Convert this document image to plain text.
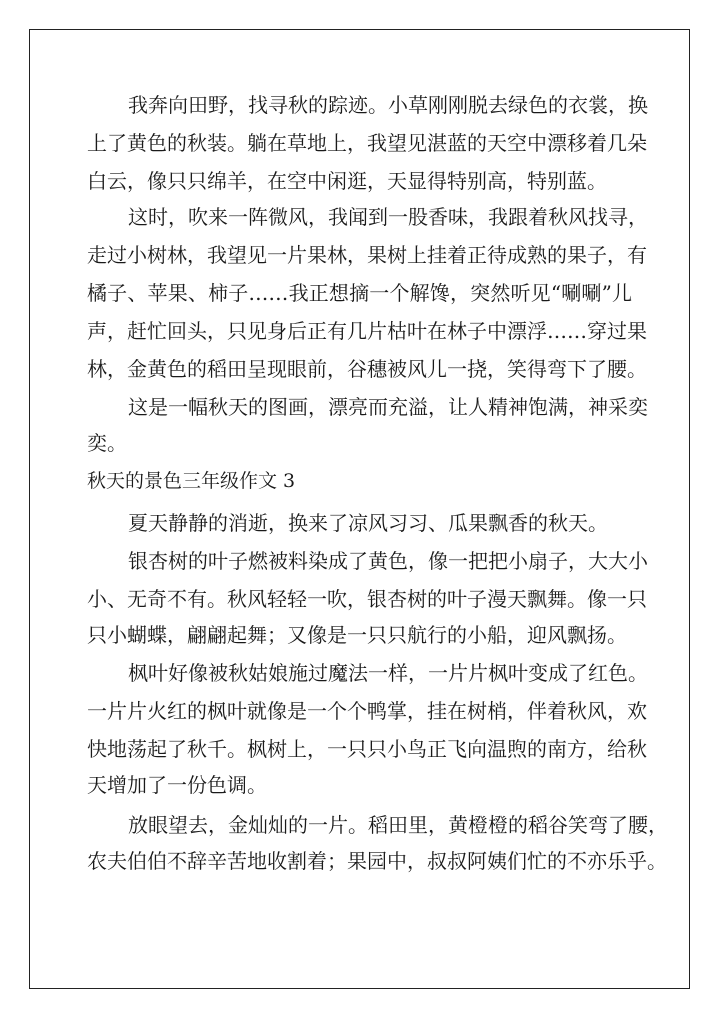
我奔向田野，找寻秋的踪迹。小草刚刚脱去绿色的衣裳，换
上了黄色的秋装。躺在草地上，我望见湛蓝的天空中漂移着几朵
白云，像只只绵羊，在空中闲逛，天显得特别高，特别蓝。
这时，吹来一阵微风，我闻到一股香味，我跟着秋风找寻，
走过小树林，我望见一片果林，果树上挂着正待成熟的果子，有
橘子、苹果、柿子……我正想摘一个解馋，突然听见“唰唰”儿
声，赶忙回头，只见身后正有几片枯叶在林子中漂浮……穿过果
林，金黄色的稻田呈现眼前，谷穗被风儿一挠，笑得弯下了腰。
这是一幅秋天的图画，漂亮而充溢，让人精神饱满，神采奕
奕。
秋天的景色三年级作文 3
夏天静静的消逝，换来了凉风习习、瓜果飘香的秋天。
银杏树的叶子燃被料染成了黄色，像一把把小扇子，大大小
小、无奇不有。秋风轻轻一吹，银杏树的叶子漫天飘舞。像一只
只小蝴蝶，翩翩起舞；又像是一只只航行的小船，迎风飘扬。
枫叶好像被秋姑娘施过魔法一样，一片片枫叶变成了红色。
一片片火红的枫叶就像是一个个鸭掌，挂在树梢，伴着秋风，欢
快地荡起了秋千。枫树上，一只只小鸟正飞向温煦的南方，给秋
天增加了一份色调。
放眼望去，金灿灿的一片。稻田里，黄橙橙的稻谷笑弯了腰，
农夫伯伯不辞辛苦地收割着；果园中，叔叔阿姨们忙的不亦乐乎。
